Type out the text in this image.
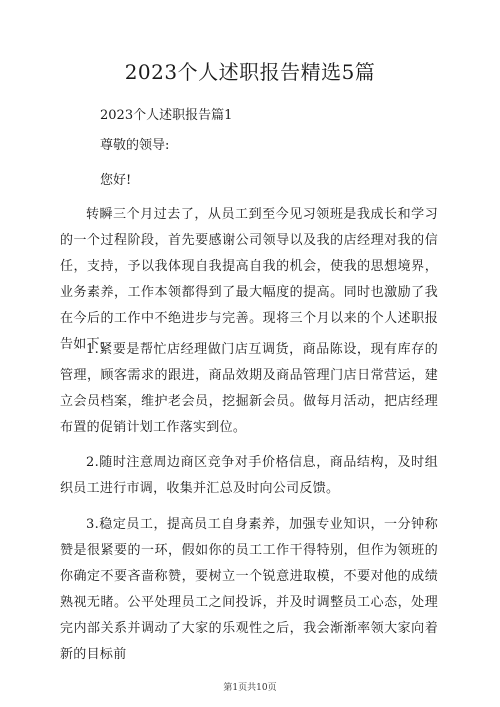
2023个人述职报告精选5篇
2023个人述职报告篇1
尊敬的领导:
您好!

转瞬三个月过去了，从员工到至今见习领班是我成长和学习的一个过程阶段，首先要感谢公司领导以及我的店经理对我的信任，支持，予以我体现自我提高自我的机会，使我的思想境界，业务素养，工作本领都得到了最大幅度的提高。同时也激励了我在今后的工作中不绝进步与完善。现将三个月以来的个人述职报告如下:

1.紧要是帮忙店经理做门店互调货，商品陈设，现有库存的管理，顾客需求的跟进，商品效期及商品管理门店日常营运，建立会员档案，维护老会员，挖掘新会员。做每月活动，把店经理布置的促销计划工作落实到位。

2.随时注意周边商区竞争对手价格信息，商品结构，及时组织员工进行市调，收集并汇总及时向公司反馈。

3.稳定员工，提高员工自身素养，加强专业知识，一分钟称赞是很紧要的一环，假如你的员工工作干得特别，但作为领班的你确定不要吝啬称赞，要树立一个锐意进取模，不要对他的成绩熟视无睹。公平处理员工之间投诉，并及时调整员工心态，处理完内部关系并调动了大家的乐观性之后，我会渐渐率领大家向着新的目标前

第1页共10页
